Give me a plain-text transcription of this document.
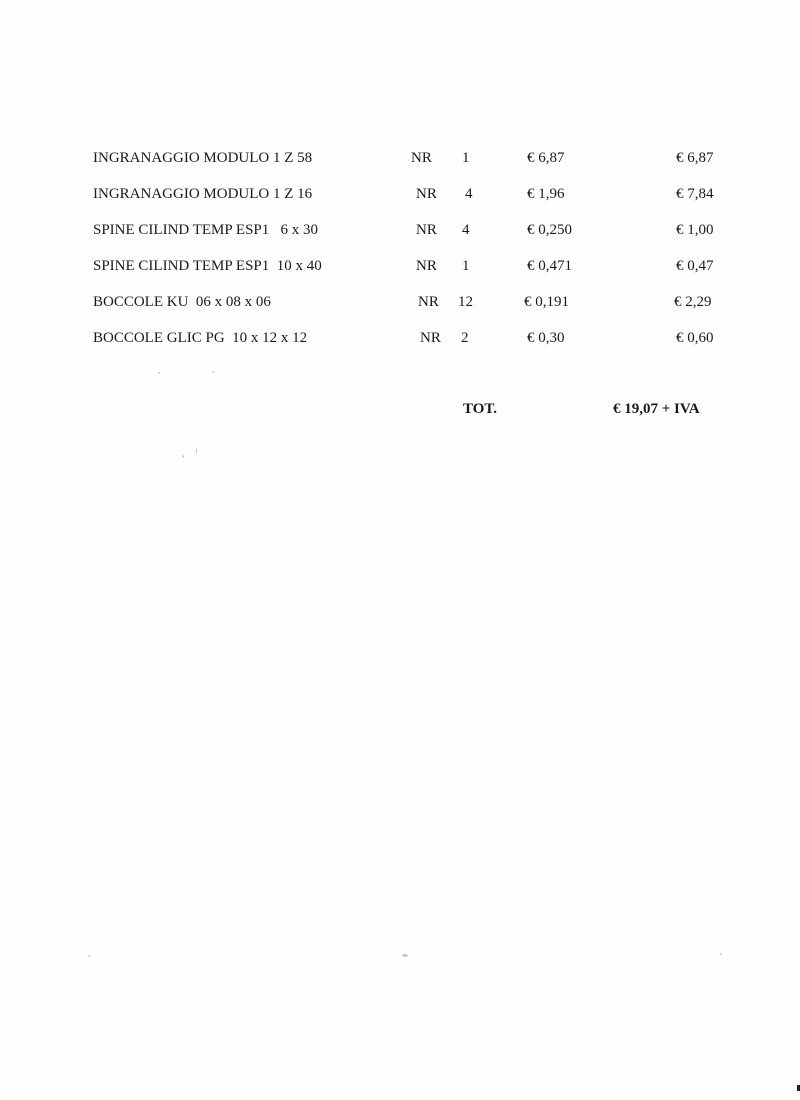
INGRANAGGIO MODULO 1 Z 58	NR 1	€ 6,87	€ 6,87
INGRANAGGIO MODULO 1 Z 16	NR 4	€ 1,96	€ 7,84
SPINE CILIND TEMP ESP1   6 x 30	NR 4	€ 0,250	€ 1,00
SPINE CILIND TEMP ESP1  10 x 40	NR 1	€ 0,471	€ 0,47
BOCCOLE KU  06 x 08 x 06	NR 12	€ 0,191	€ 2,29
BOCCOLE GLIC PG  10 x 12 x 12	NR 2	€ 0,30	€ 0,60
TOT.	€ 19,07 + IVA
